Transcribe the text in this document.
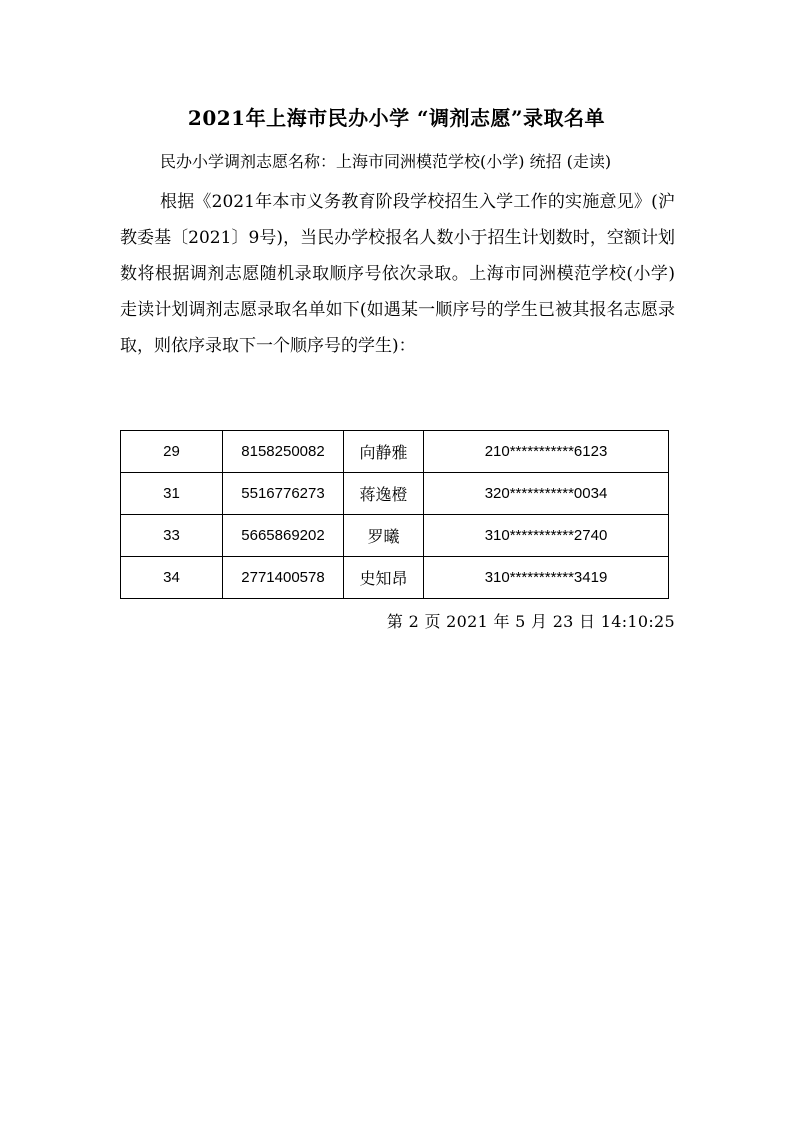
2021年上海市民办小学 “调剂志愿”录取名单
民办小学调剂志愿名称：上海市同洲模范学校(小学) 统招 (走读)

根据《2021年本市义务教育阶段学校招生入学工作的实施意见》(沪教委基〔2021〕9号)，当民办学校报名人数小于招生计划数时，空额计划数将根据调剂志愿随机录取顺序号依次录取。上海市同洲模范学校(小学) 走读计划调剂志愿录取名单如下(如遇某一顺序号的学生已被其报名志愿录取，则依序录取下一个顺序号的学生)：

29	8158250082	向静雅	210***********6123
31	5516776273	蒋逸橙	320***********0034
33	5665869202	罗曦	310***********2740
34	2771400578	史知昂	310***********3419
第 2 页 2021 年 5 月 23 日 14:10:25
